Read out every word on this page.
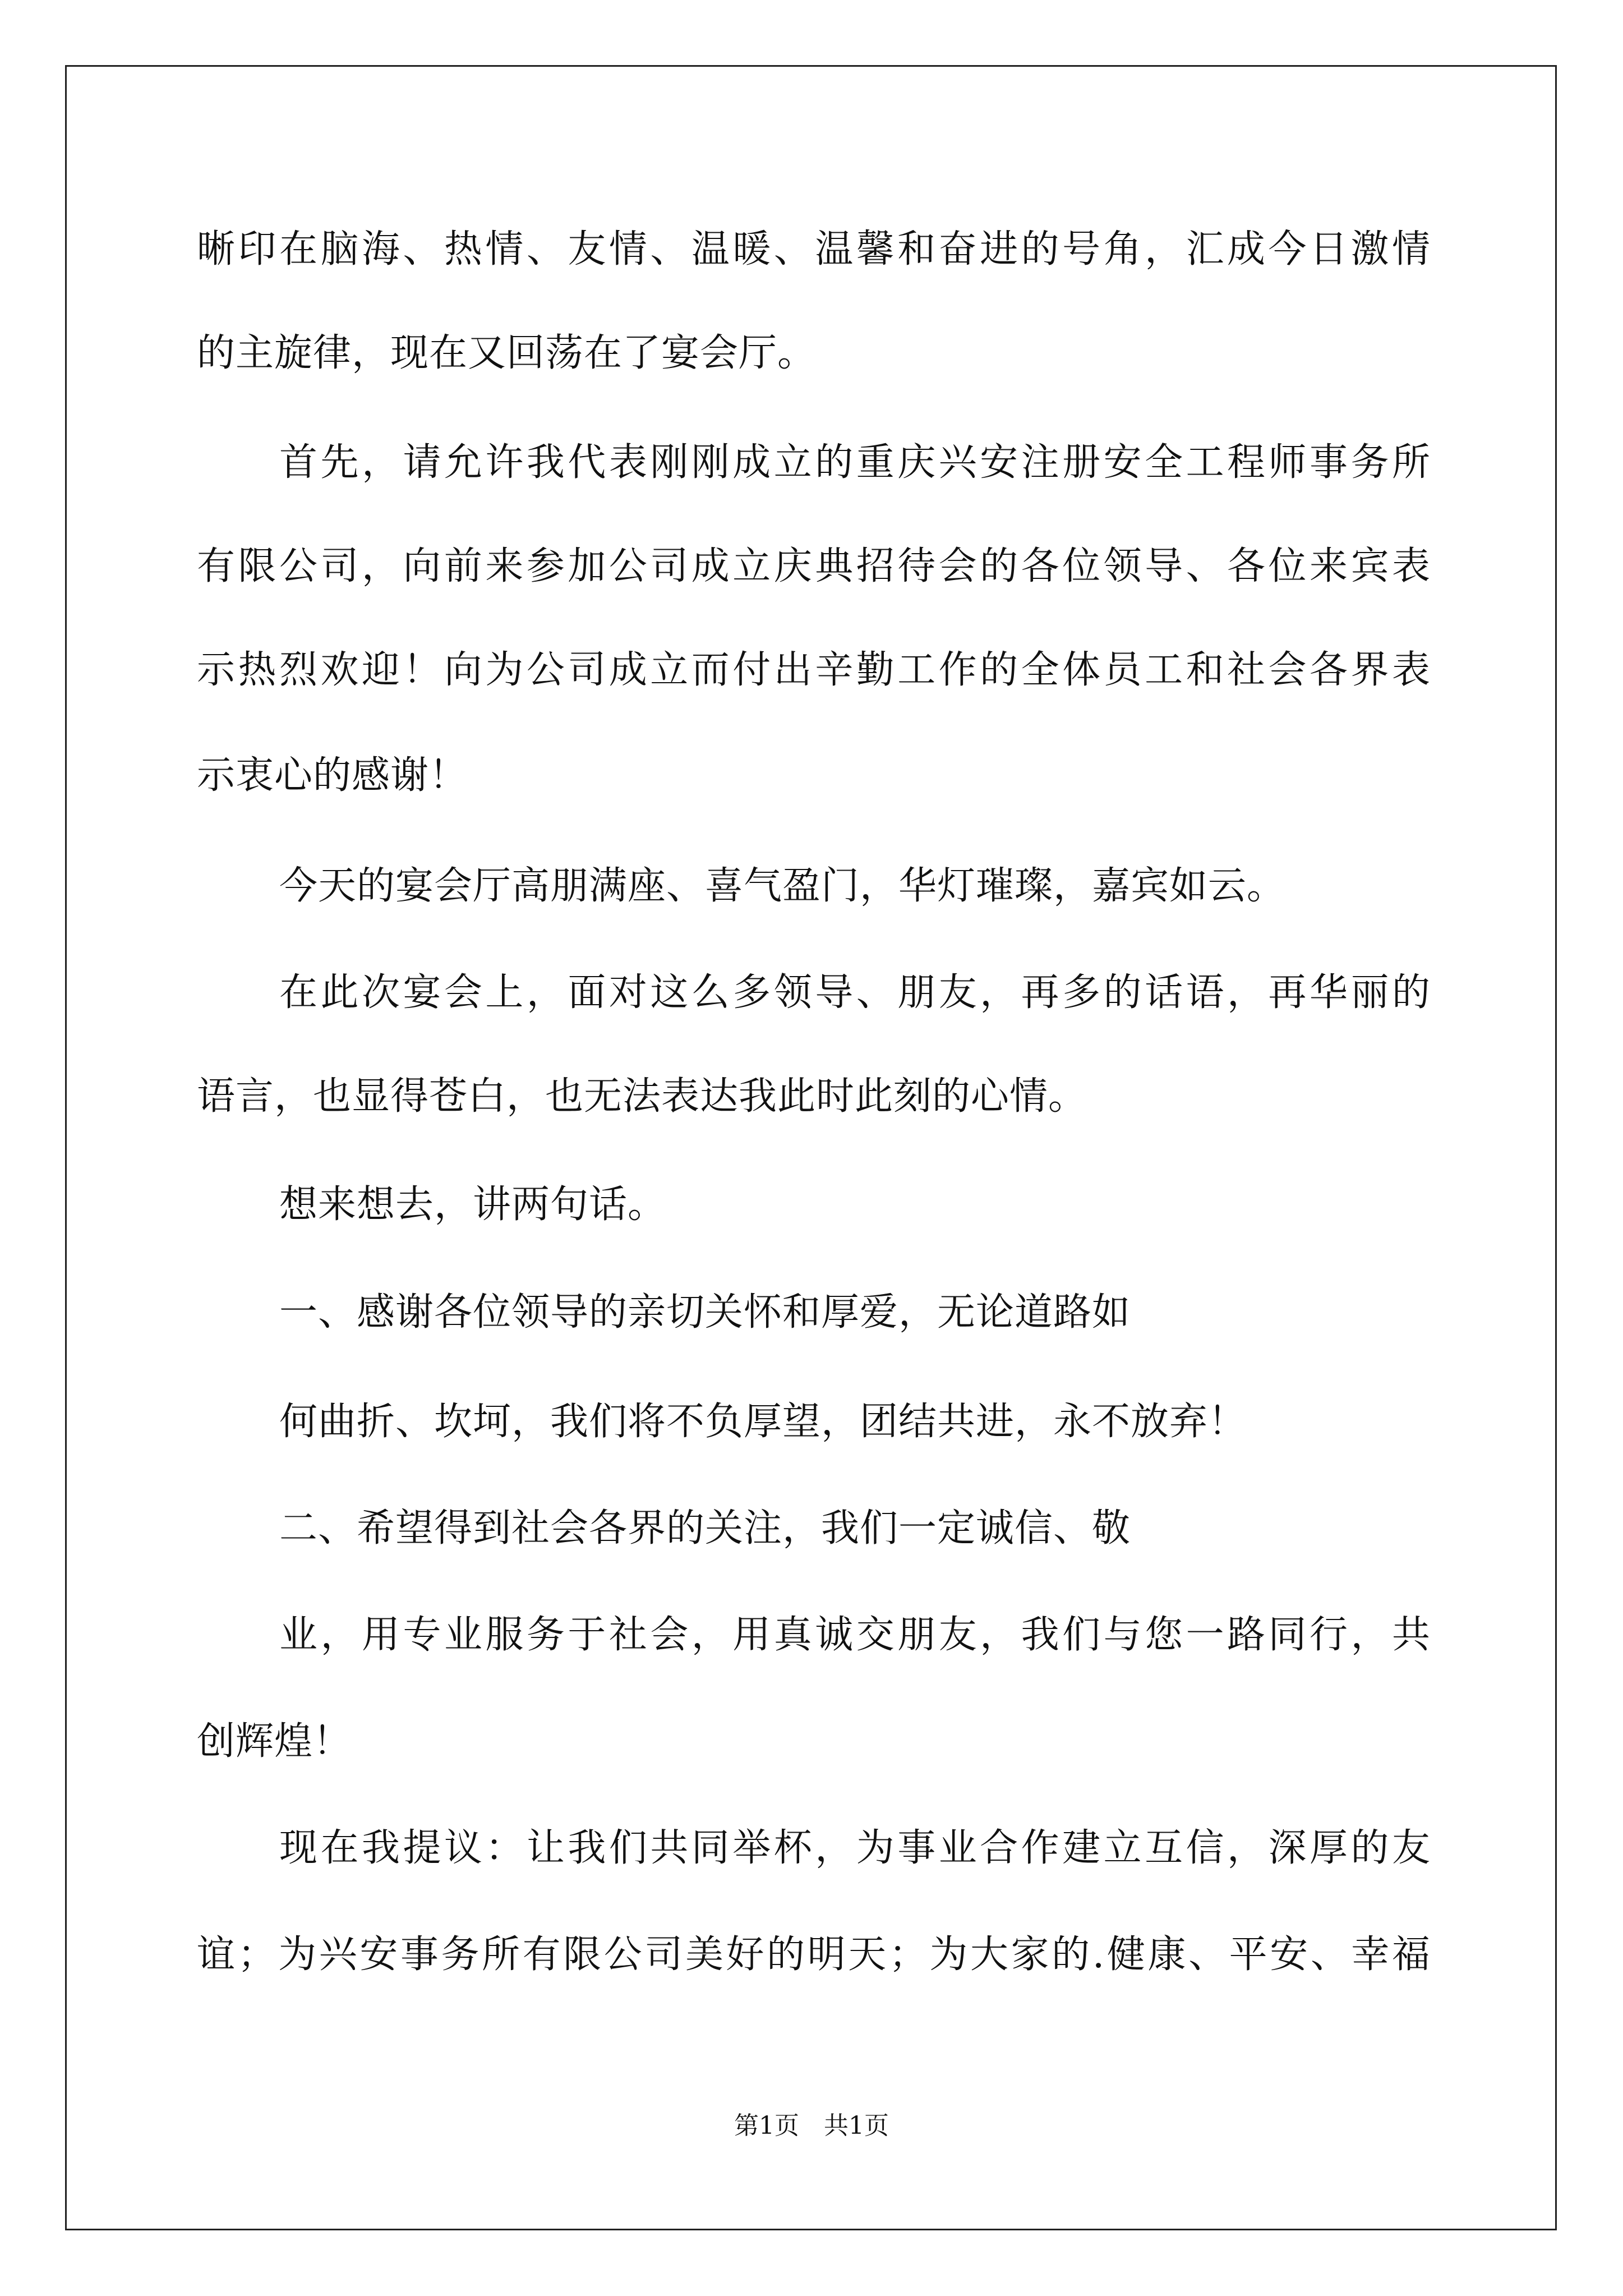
晰印在脑海、热情、友情、温暖、温馨和奋进的号角，汇成今日激情
的主旋律，现在又回荡在了宴会厅。
首先，请允许我代表刚刚成立的重庆兴安注册安全工程师事务所
有限公司，向前来参加公司成立庆典招待会的各位领导、各位来宾表
示热烈欢迎！向为公司成立而付出辛勤工作的全体员工和社会各界表
示衷心的感谢！
今天的宴会厅高朋满座、喜气盈门，华灯璀璨，嘉宾如云。
在此次宴会上，面对这么多领导、朋友，再多的话语，再华丽的
语言，也显得苍白，也无法表达我此时此刻的心情。
想来想去，讲两句话。
一、感谢各位领导的亲切关怀和厚爱，无论道路如
何曲折、坎坷，我们将不负厚望，团结共进，永不放弃！
二、希望得到社会各界的关注，我们一定诚信、敬
业，用专业服务于社会，用真诚交朋友，我们与您一路同行，共
创辉煌！
现在我提议：让我们共同举杯，为事业合作建立互信，深厚的友
谊；为兴安事务所有限公司美好的明天；为大家的.健康、平安、幸福
第1页　共1页
